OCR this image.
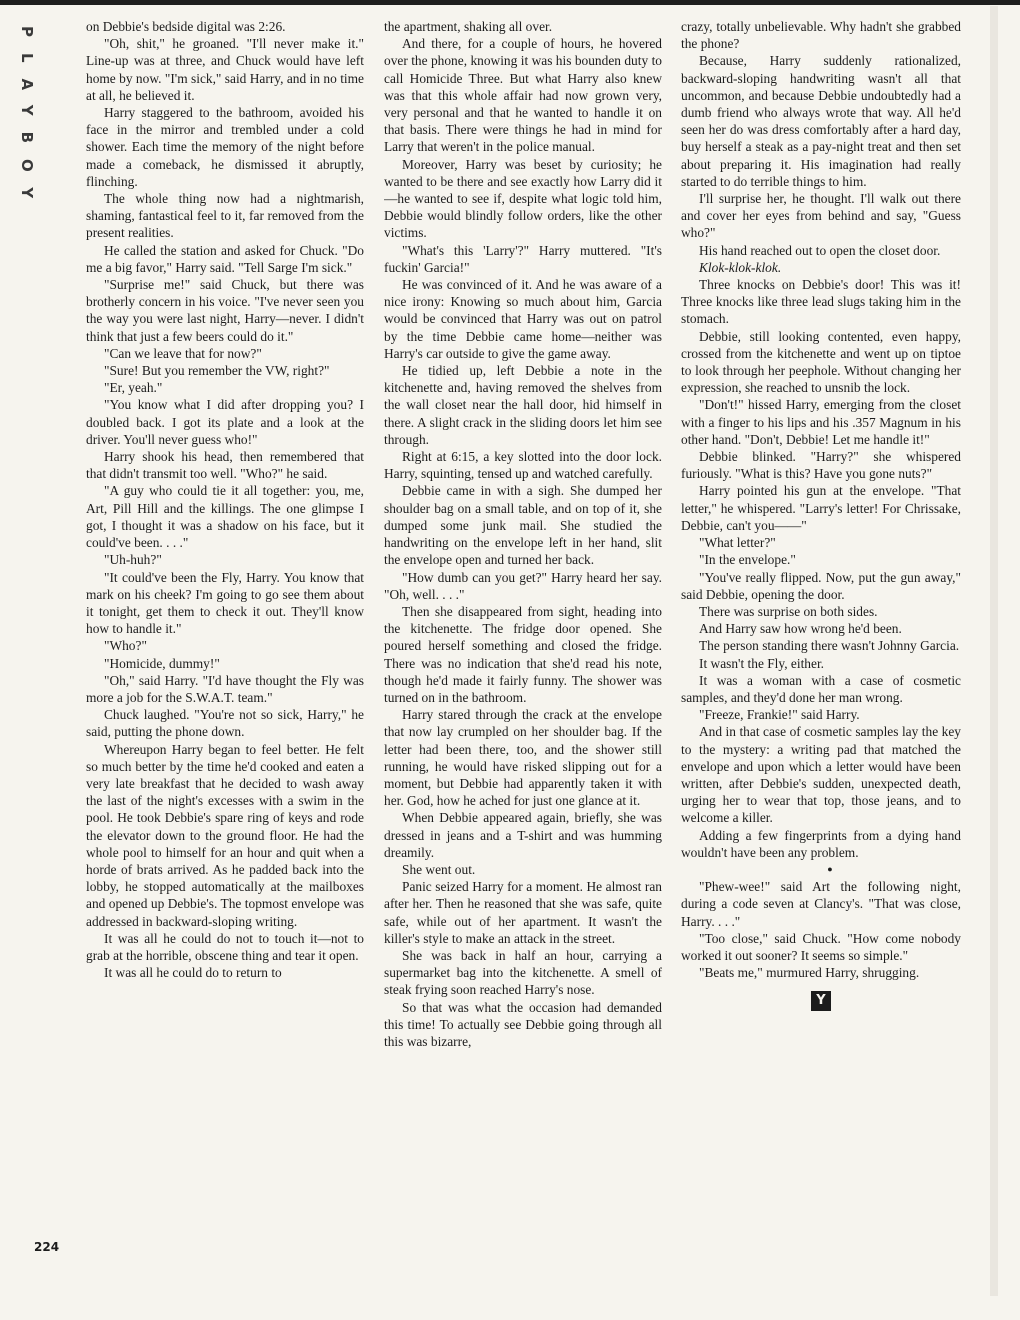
PLAYBOY
224

on Debbie's bedside digital was 2:26.

"Oh, shit," he groaned. "I'll never make it." Line-up was at three, and Chuck would have left home by now. "I'm sick," said Harry, and in no time at all, he believed it.

Harry staggered to the bathroom, avoided his face in the mirror and trembled under a cold shower. Each time the memory of the night before made a comeback, he dismissed it abruptly, flinching.

The whole thing now had a nightmarish, shaming, fantastical feel to it, far removed from the present realities.

He called the station and asked for Chuck. "Do me a big favor," Harry said. "Tell Sarge I'm sick."

"Surprise me!" said Chuck, but there was brotherly concern in his voice. "I've never seen you the way you were last night, Harry—never. I didn't think that just a few beers could do it."

"Can we leave that for now?"

"Sure! But you remember the VW, right?"

"Er, yeah."

"You know what I did after dropping you? I doubled back. I got its plate and a look at the driver. You'll never guess who!"

Harry shook his head, then remembered that that didn't transmit too well. "Who?" he said.

"A guy who could tie it all together: you, me, Art, Pill Hill and the killings. The one glimpse I got, I thought it was a shadow on his face, but it could've been. . . ."

"Uh-huh?"

"It could've been the Fly, Harry. You know that mark on his cheek? I'm going to go see them about it tonight, get them to check it out. They'll know how to handle it."

"Who?"

"Homicide, dummy!"

"Oh," said Harry. "I'd have thought the Fly was more a job for the S.W.A.T. team."

Chuck laughed. "You're not so sick, Harry," he said, putting the phone down.

Whereupon Harry began to feel better. He felt so much better by the time he'd cooked and eaten a very late breakfast that he decided to wash away the last of the night's excesses with a swim in the pool. He took Debbie's spare ring of keys and rode the elevator down to the ground floor. He had the whole pool to himself for an hour and quit when a horde of brats arrived. As he padded back into the lobby, he stopped automatically at the mailboxes and opened up Debbie's. The topmost envelope was addressed in backward-sloping writing.

It was all he could do not to touch it—not to grab at the horrible, obscene thing and tear it open.

It was all he could do to return to

the apartment, shaking all over.

And there, for a couple of hours, he hovered over the phone, knowing it was his bounden duty to call Homicide Three. But what Harry also knew was that this whole affair had now grown very, very personal and that he wanted to handle it on that basis. There were things he had in mind for Larry that weren't in the police manual.

Moreover, Harry was beset by curiosity; he wanted to be there and see exactly how Larry did it—he wanted to see if, despite what logic told him, Debbie would blindly follow orders, like the other victims.

"What's this 'Larry'?" Harry muttered. "It's fuckin' Garcia!"

He was convinced of it. And he was aware of a nice irony: Knowing so much about him, Garcia would be convinced that Harry was out on patrol by the time Debbie came home—neither was Harry's car outside to give the game away.

He tidied up, left Debbie a note in the kitchenette and, having removed the shelves from the wall closet near the hall door, hid himself in there. A slight crack in the sliding doors let him see through.

Right at 6:15, a key slotted into the door lock. Harry, squinting, tensed up and watched carefully.

Debbie came in with a sigh. She dumped her shoulder bag on a small table, and on top of it, she dumped some junk mail. She studied the handwriting on the envelope left in her hand, slit the envelope open and turned her back.

"How dumb can you get?" Harry heard her say. "Oh, well. . . ."

Then she disappeared from sight, heading into the kitchenette. The fridge door opened. She poured herself something and closed the fridge. There was no indication that she'd read his note, though he'd made it fairly funny. The shower was turned on in the bathroom.

Harry stared through the crack at the envelope that now lay crumpled on her shoulder bag. If the letter had been there, too, and the shower still running, he would have risked slipping out for a moment, but Debbie had apparently taken it with her. God, how he ached for just one glance at it.

When Debbie appeared again, briefly, she was dressed in jeans and a T-shirt and was humming dreamily.

She went out.

Panic seized Harry for a moment. He almost ran after her. Then he reasoned that she was safe, quite safe, while out of her apartment. It wasn't the killer's style to make an attack in the street.

She was back in half an hour, carrying a supermarket bag into the kitchenette. A smell of steak frying soon reached Harry's nose.

So that was what the occasion had demanded this time! To actually see Debbie going through all this was bizarre,

crazy, totally unbelievable. Why hadn't she grabbed the phone?

Because, Harry suddenly rationalized, backward-sloping handwriting wasn't all that uncommon, and because Debbie undoubtedly had a dumb friend who always wrote that way. All he'd seen her do was dress comfortably after a hard day, buy herself a steak as a pay-night treat and then set about preparing it. His imagination had really started to do terrible things to him.

I'll surprise her, he thought. I'll walk out there and cover her eyes from behind and say, "Guess who?"

His hand reached out to open the closet door.

Klok-klok-klok.

Three knocks on Debbie's door! This was it! Three knocks like three lead slugs taking him in the stomach.

Debbie, still looking contented, even happy, crossed from the kitchenette and went up on tiptoe to look through her peephole. Without changing her expression, she reached to unsnib the lock.

"Don't!" hissed Harry, emerging from the closet with a finger to his lips and his .357 Magnum in his other hand. "Don't, Debbie! Let me handle it!"

Debbie blinked. "Harry?" she whispered furiously. "What is this? Have you gone nuts?"

Harry pointed his gun at the envelope. "That letter," he whispered. "Larry's letter! For Chrissake, Debbie, can't you——"

"What letter?"

"In the envelope."

"You've really flipped. Now, put the gun away," said Debbie, opening the door.

There was surprise on both sides.

And Harry saw how wrong he'd been.

The person standing there wasn't Johnny Garcia.

It wasn't the Fly, either.

It was a woman with a case of cosmetic samples, and they'd done her man wrong.

"Freeze, Frankie!" said Harry.

And in that case of cosmetic samples lay the key to the mystery: a writing pad that matched the envelope and upon which a letter would have been written, after Debbie's sudden, unexpected death, urging her to wear that top, those jeans, and to welcome a killer.

Adding a few fingerprints from a dying hand wouldn't have been any problem.

●

"Phew-wee!" said Art the following night, during a code seven at Clancy's. "That was close, Harry. . . ."

"Too close," said Chuck. "How come nobody worked it out sooner? It seems so simple."

"Beats me," murmured Harry, shrugging.

Y
